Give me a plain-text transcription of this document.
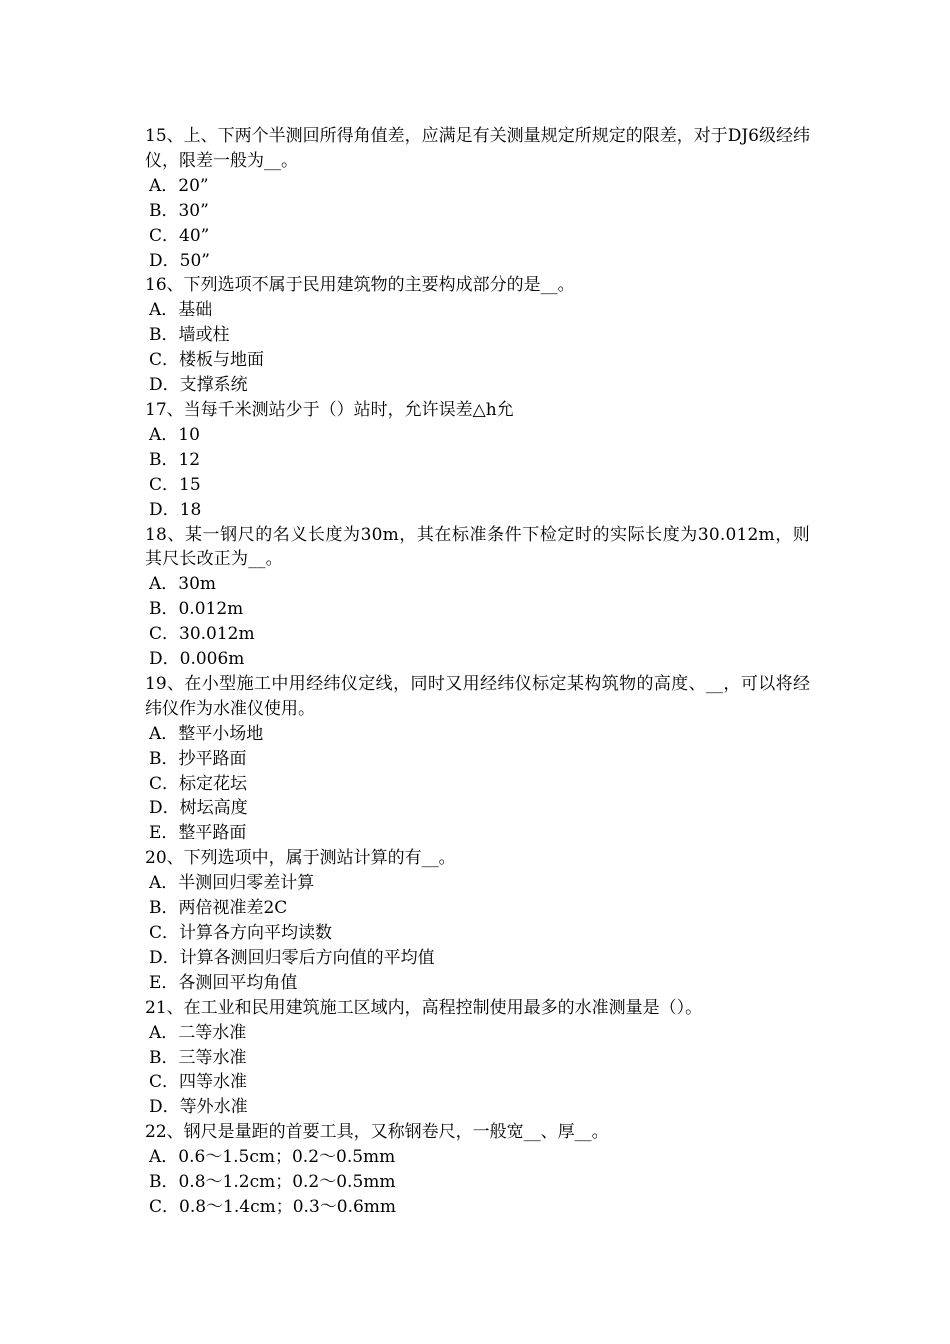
15、上、下两个半测回所得角值差，应满足有关测量规定所规定的限差，对于DJ6级经纬仪，限差一般为__。

A．20”

B．30”

C．40”

D．50”

16、下列选项不属于民用建筑物的主要构成部分的是__。

A．基础

B．墙或柱

C．楼板与地面

D．支撑系统

17、当每千米测站少于（）站时，允许误差△h允

A．10

B．12

C．15

D．18

18、某一钢尺的名义长度为30m，其在标准条件下检定时的实际长度为30.012m，则其尺长改正为__。

A．30m

B．0.012m

C．30.012m

D．0.006m

19、在小型施工中用经纬仪定线，同时又用经纬仪标定某构筑物的高度、__，可以将经纬仪作为水准仪使用。

A．整平小场地

B．抄平路面

C．标定花坛

D．树坛高度

E．整平路面

20、下列选项中，属于测站计算的有__。

A．半测回归零差计算

B．两倍视准差2C

C．计算各方向平均读数

D．计算各测回归零后方向值的平均值

E．各测回平均角值

21、在工业和民用建筑施工区域内，高程控制使用最多的水准测量是（）。

A．二等水准

B．三等水准

C．四等水准

D．等外水准

22、钢尺是量距的首要工具，又称钢卷尺，一般宽__、厚__。

A．0.6～1.5cm；0.2～0.5mm

B．0.8～1.2cm；0.2～0.5mm

C．0.8～1.4cm；0.3～0.6mm
